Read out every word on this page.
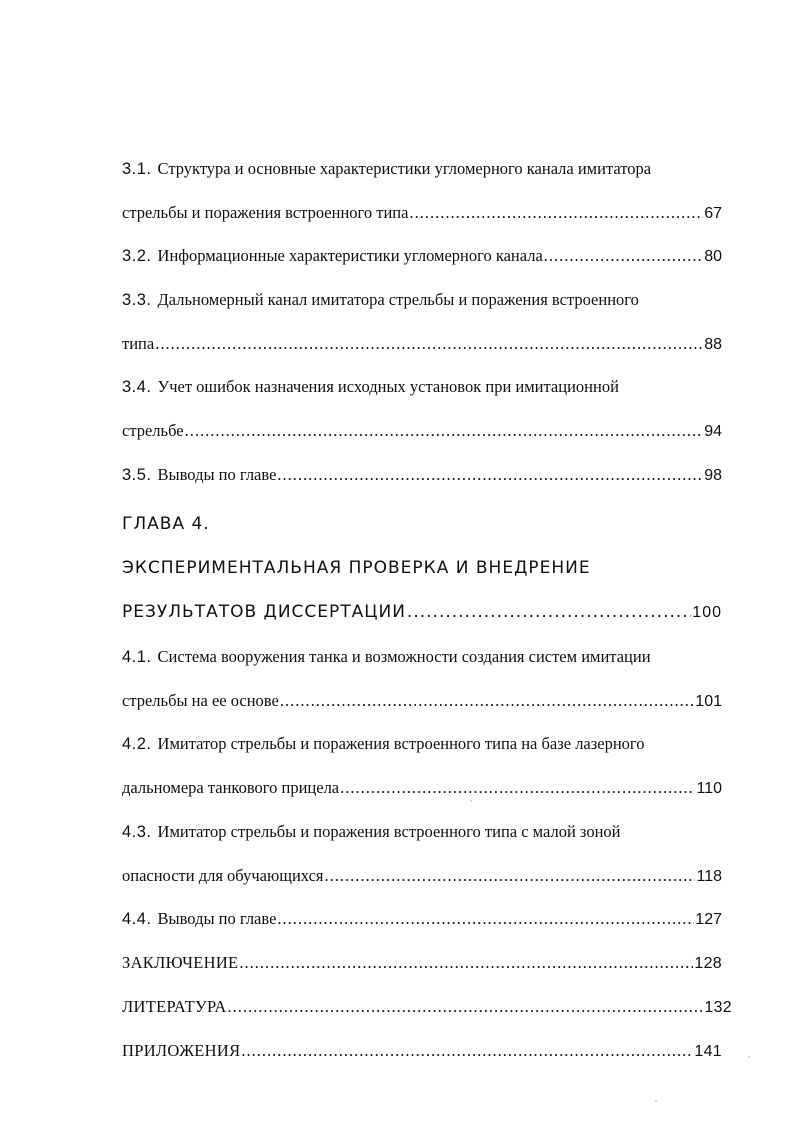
3.1. Структура и основные характеристики угломерного канала имитатора
стрельбы и поражения встроенного типа .....	67
3.2. Информационные характеристики угломерного канала .....	80
3.3. Дальномерный канал имитатора стрельбы и поражения встроенного
типа .....	88
3.4. Учет ошибок назначения исходных установок при имитационной
стрельбе .....	94
3.5. Выводы по главе .....	98
ГЛАВА 4.
ЭКСПЕРИМЕНТАЛЬНАЯ ПРОВЕРКА И ВНЕДРЕНИЕ
РЕЗУЛЬТАТОВ ДИССЕРТАЦИИ .....	100
4.1. Система вооружения танка и возможности создания систем имитации
стрельбы на ее основе .....	101
4.2. Имитатор стрельбы и поражения встроенного типа на базе лазерного
дальномера танкового прицела .....	110
4.3. Имитатор стрельбы и поражения встроенного типа с малой зоной
опасности для обучающихся .....	118
4.4. Выводы по главе .....	127
ЗАКЛЮЧЕНИЕ .....	128
ЛИТЕРАТУРА .....	132
ПРИЛОЖЕНИЯ .....	141
